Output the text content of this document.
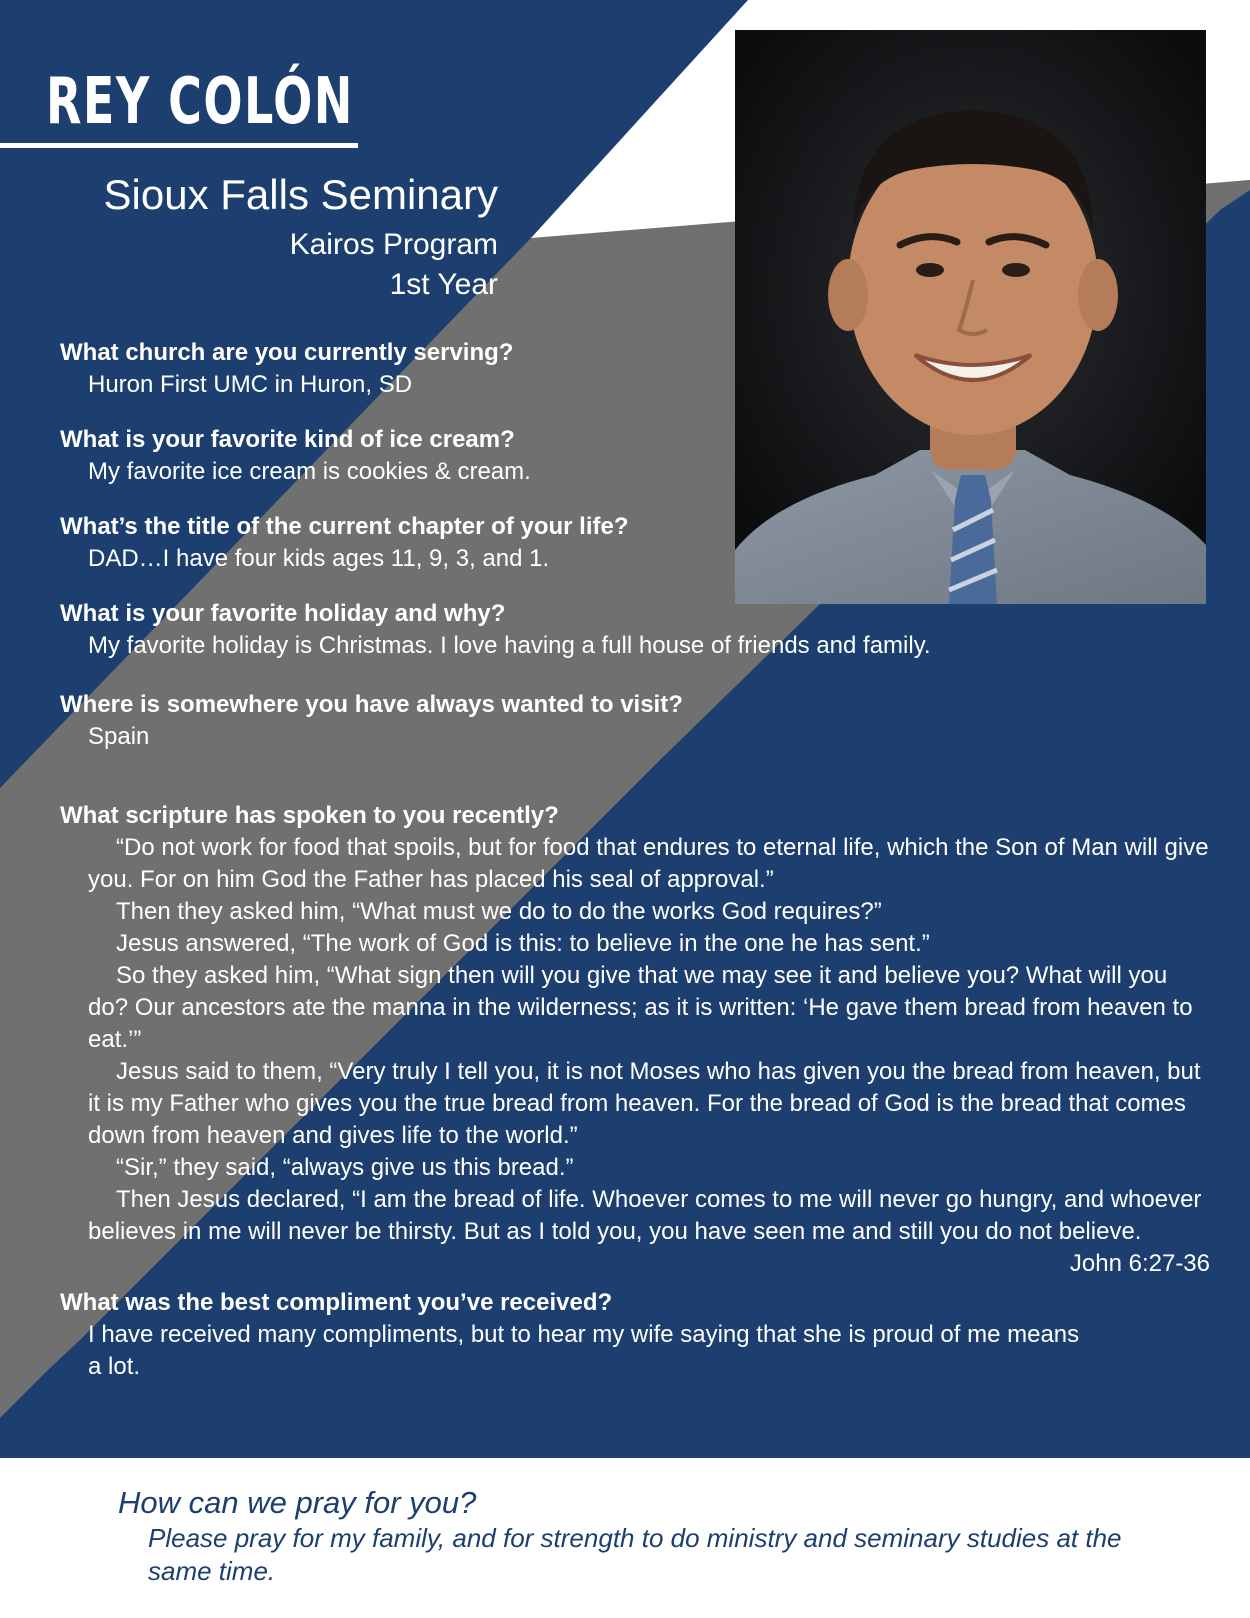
REY COLÓN
Sioux Falls Seminary
Kairos Program
1st Year
What church are you currently serving?
Huron First UMC in Huron, SD
What is your favorite kind of ice cream?
My favorite ice cream is cookies & cream.
What’s the title of the current chapter of your life?
DAD…I have four kids ages 11, 9, 3, and 1.
What is your favorite holiday and why?
My favorite holiday is Christmas. I love having a full house of friends and family.
Where is somewhere you have always wanted to visit?
Spain
What scripture has spoken to you recently?
“Do not work for food that spoils, but for food that endures to eternal life, which the Son of Man will give you. For on him God the Father has placed his seal of approval.”
Then they asked him, “What must we do to do the works God requires?”
Jesus answered, “The work of God is this: to believe in the one he has sent.”
So they asked him, “What sign then will you give that we may see it and believe you? What will you do? Our ancestors ate the manna in the wilderness; as it is written: ‘He gave them bread from heaven to eat.’”
Jesus said to them, “Very truly I tell you, it is not Moses who has given you the bread from heaven, but it is my Father who gives you the true bread from heaven. For the bread of God is the bread that comes down from heaven and gives life to the world.”
“Sir,” they said, “always give us this bread.”
Then Jesus declared, “I am the bread of life. Whoever comes to me will never go hungry, and whoever believes in me will never be thirsty. But as I told you, you have seen me and still you do not believe.
John 6:27-36
What was the best compliment you’ve received?
I have received many compliments, but to hear my wife saying that she is proud of me means a lot.
How can we pray for you?
Please pray for my family, and for strength to do ministry and seminary studies at the same time.
